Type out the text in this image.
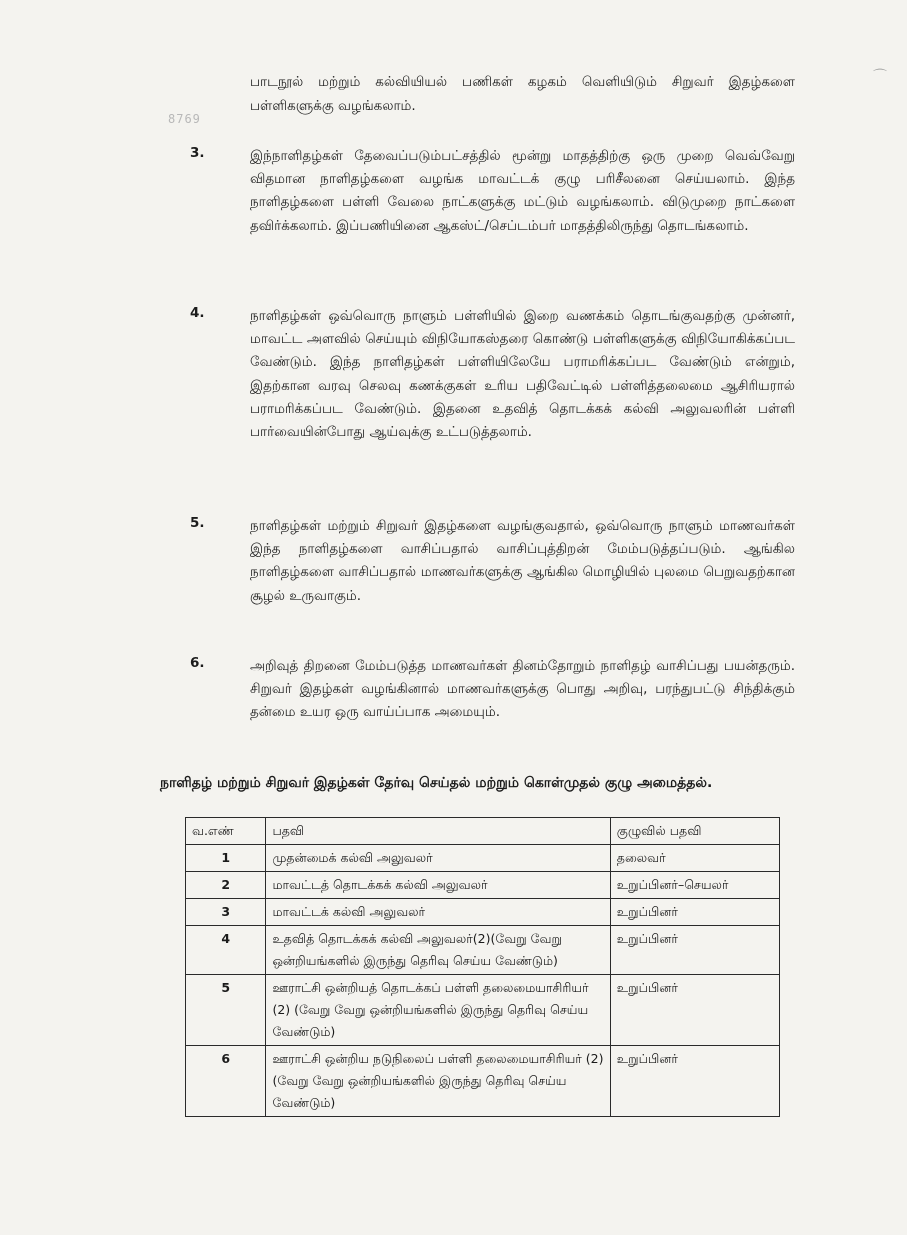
⌒
8769
பாடநூல் மற்றும் கல்வியியல் பணிகள் கழகம் வெளியிடும் சிறுவர் இதழ்களை பள்ளிகளுக்கு வழங்கலாம்.
3.	இந்நாளிதழ்கள் தேவைப்படும்பட்சத்தில் மூன்று மாதத்திற்கு ஒரு முறை வெவ்வேறு விதமான நாளிதழ்களை வழங்க மாவட்டக் குழு பரிசீலனை செய்யலாம். இந்த நாளிதழ்களை பள்ளி வேலை நாட்களுக்கு மட்டும் வழங்கலாம். விடுமுறை நாட்களை தவிர்க்கலாம். இப்பணியினை ஆகஸ்ட்/செப்டம்பர் மாதத்திலிருந்து தொடங்கலாம்.
4.	நாளிதழ்கள் ஒவ்வொரு நாளும் பள்ளியில் இறை வணக்கம் தொடங்குவதற்கு முன்னர், மாவட்ட அளவில் செய்யும் விநியோகஸ்தரை கொண்டு பள்ளிகளுக்கு விநியோகிக்கப்பட வேண்டும். இந்த நாளிதழ்கள் பள்ளியிலேயே பராமரிக்கப்பட வேண்டும் என்றும், இதற்கான வரவு செலவு கணக்குகள் உரிய பதிவேட்டில் பள்ளித்தலைமை ஆசிரியரால் பராமரிக்கப்பட வேண்டும். இதனை உதவித் தொடக்கக் கல்வி அலுவலரின் பள்ளி பார்வையின்போது ஆய்வுக்கு உட்படுத்தலாம்.
5.	நாளிதழ்கள் மற்றும் சிறுவர் இதழ்களை வழங்குவதால், ஒவ்வொரு நாளும் மாணவர்கள் இந்த நாளிதழ்களை வாசிப்பதால் வாசிப்புத்திறன் மேம்படுத்தப்படும். ஆங்கில நாளிதழ்களை வாசிப்பதால் மாணவர்களுக்கு ஆங்கில மொழியில் புலமை பெறுவதற்கான சூழல் உருவாகும்.
6.	அறிவுத் திறனை மேம்படுத்த மாணவர்கள் தினம்தோறும் நாளிதழ் வாசிப்பது பயன்தரும். சிறுவர் இதழ்கள் வழங்கினால் மாணவர்களுக்கு பொது அறிவு, பரந்துபட்டு சிந்திக்கும் தன்மை உயர ஒரு வாய்ப்பாக அமையும்.
நாளிதழ் மற்றும் சிறுவர் இதழ்கள் தேர்வு செய்தல் மற்றும் கொள்முதல் குழு அமைத்தல்.
வ.எண்	பதவி	குழுவில் பதவி
1	முதன்மைக் கல்வி அலுவலர்	தலைவர்
2	மாவட்டத் தொடக்கக் கல்வி அலுவலர்	உறுப்பினர்–செயலர்
3	மாவட்டக் கல்வி அலுவலர்	உறுப்பினர்
4	உதவித் தொடக்கக் கல்வி அலுவலர்(2)(வேறு வேறு ஒன்றியங்களில் இருந்து தெரிவு செய்ய வேண்டும்)	உறுப்பினர்
5	ஊராட்சி ஒன்றியத் தொடக்கப் பள்ளி தலைமையாசிரியர் (2) (வேறு வேறு ஒன்றியங்களில் இருந்து தெரிவு செய்ய வேண்டும்)	உறுப்பினர்
6	ஊராட்சி ஒன்றிய நடுநிலைப் பள்ளி தலைமையாசிரியர் (2) (வேறு வேறு ஒன்றியங்களில் இருந்து தெரிவு செய்ய வேண்டும்)	உறுப்பினர்
